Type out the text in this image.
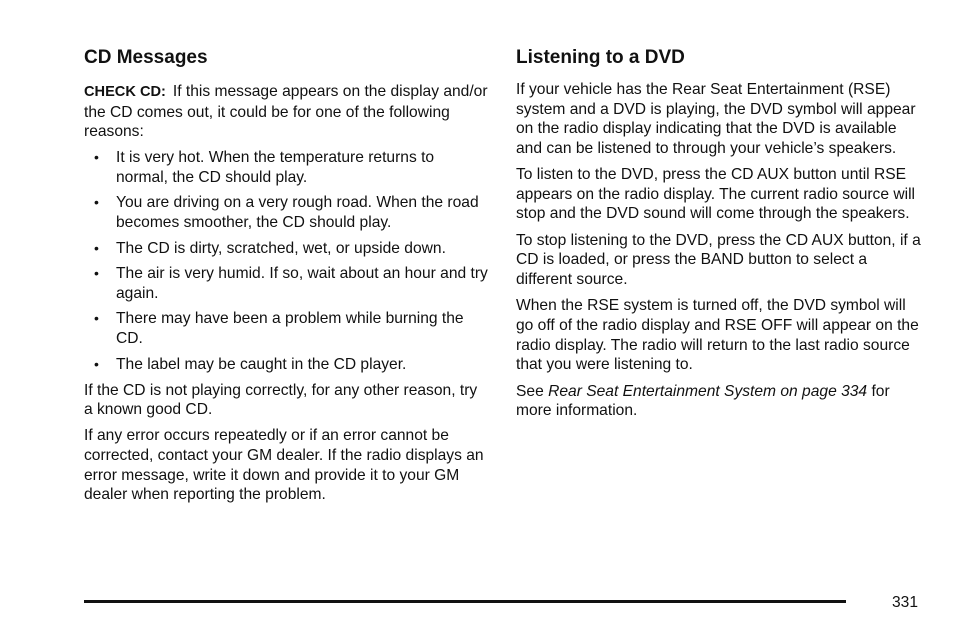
CD Messages

CHECK CD: If this message appears on the display and/or the CD comes out, it could be for one of the following reasons:

• It is very hot. When the temperature returns to normal, the CD should play.
• You are driving on a very rough road. When the road becomes smoother, the CD should play.
• The CD is dirty, scratched, wet, or upside down.
• The air is very humid. If so, wait about an hour and try again.
• There may have been a problem while burning the CD.
• The label may be caught in the CD player.

If the CD is not playing correctly, for any other reason, try a known good CD.

If any error occurs repeatedly or if an error cannot be corrected, contact your GM dealer. If the radio displays an error message, write it down and provide it to your GM dealer when reporting the problem.

Listening to a DVD

If your vehicle has the Rear Seat Entertainment (RSE) system and a DVD is playing, the DVD symbol will appear on the radio display indicating that the DVD is available and can be listened to through your vehicle’s speakers.

To listen to the DVD, press the CD AUX button until RSE appears on the radio display. The current radio source will stop and the DVD sound will come through the speakers.

To stop listening to the DVD, press the CD AUX button, if a CD is loaded, or press the BAND button to select a different source.

When the RSE system is turned off, the DVD symbol will go off of the radio display and RSE OFF will appear on the radio display. The radio will return to the last radio source that you were listening to.

See Rear Seat Entertainment System on page 334 for more information.

331
